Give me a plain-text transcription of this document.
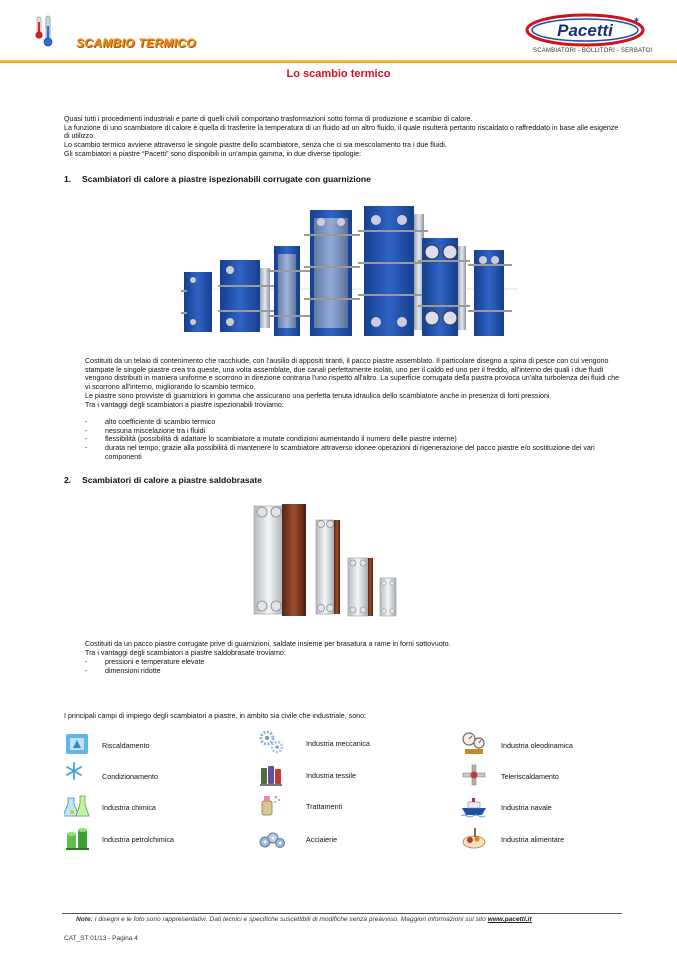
SCAMBIO TERMICO
Pacetti
✱
dal 1960
SCAMBIATORI - BOLLITORI - SERBATOI
Lo scambio termico
Quasi tutti i procedimenti industriali e parte di quelli civili comportano trasformazioni sotto forma di produzione e scambio di calore.
La funzione di uno scambiatore di calore è quella di trasferire la temperatura di un fluido ad un altro fluido, il quale risulterà pertanto riscaldato o raffreddato in base alle esigenze di utilizzo.
Lo scambio termico avviene attraverso le singole piastre dello scambiatore, senza che ci sia mescolamento tra i due fluidi.
Gli scambiatori a piastre “Pacetti” sono disponibili in un'ampia gamma, in due diverse tipologie:
1. Scambiatori di calore a piastre ispezionabili corrugate con guarnizione
Costituiti da un telaio di contenimento che racchiude, con l'ausilio di appositi tiranti, il pacco piastre assemblato. Il particolare disegno a spina di pesce con cui vengono stampate le singole piastre crea tra queste, una volta assemblate, due canali perfettamente isolati, uno per il caldo ed uno per il freddo, all'interno dei quali i due fluidi vengono distribuiti in maniera uniforme e scorrono in direzione contraria l'uno rispetto all'altro. La superficie corrugata della piastra provoca un'alta turbolenza dei fluidi che vi scorrono all'interno, migliorando lo scambio termico.
Le piastre sono provviste di guarnizioni in gomma che assicurano una perfetta tenuta idraulica dello scambiatore anche in presenza di forti pressioni.
Tra i vantaggi degli scambiatori a piastre ispezionabili troviamo:
- alto coefficiente di scambio termico
- nessuna miscelazione tra i fluidi
- flessibilità (possibilità di adattare lo scambiatore a mutate condizioni aumentando il numero delle piastre interne)
- durata nel tempo, grazie alla possibilità di mantenere lo scambiatore attraverso idonee operazioni di rigenerazione del pacco piastre e/o sostituzione dei vari componenti
2. Scambiatori di calore a piastre saldobrasate
Costituiti da un pacco piastre corrugate prive di guarnizioni, saldate insieme per brasatura a rame in forni sottovuoto.
Tra i vantaggi degli scambiatori a piastre saldobrasate troviamo:
- pressioni e temperature elevate
- dimensioni ridotte
I principali campi di impiego degli scambiatori a piastre, in ambito sia civile che industriale, sono:
Riscaldamento
Condizionamento
Industria chimica
Industria petrolchimica
Industria meccanica
Industria tessile
Trattamenti
Acciaierie
Industria oleodinamica
Teleriscaldamento
Industria navale
Industria alimentare
Note: I disegni e le foto sono rappresentativi. Dati tecnici e specifiche suscettibili di modifiche senza preavviso. Maggiori informazioni sul sito www.pacetti.it
CAT_ST 01/13 - Pagina 4
